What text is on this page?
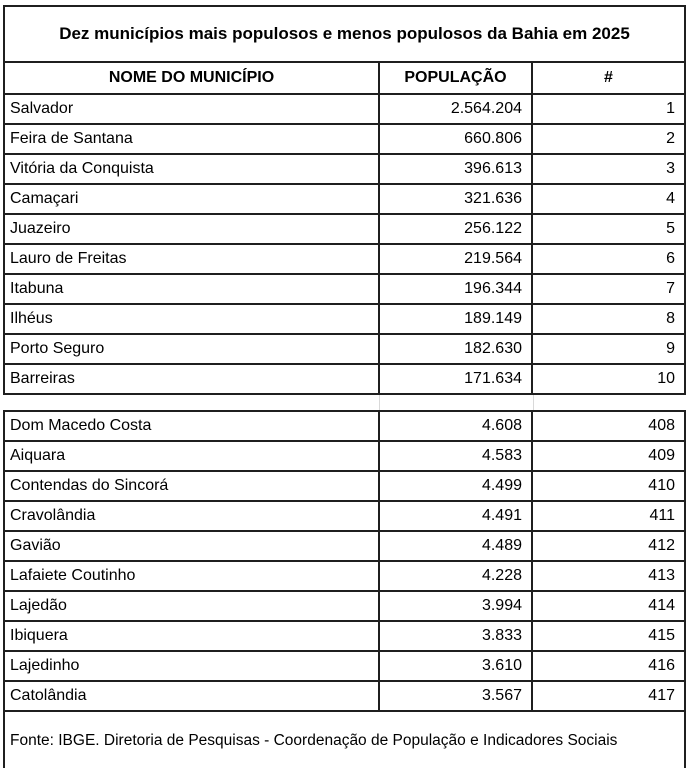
Dez municípios mais populosos e menos populosos da Bahia em 2025		
NOME DO MUNICÍPIO	POPULAÇÃO	#
Salvador	2.564.204	1
Feira de Santana	660.806	2
Vitória da Conquista	396.613	3
Camaçari	321.636	4
Juazeiro	256.122	5
Lauro de Freitas	219.564	6
Itabuna	196.344	7
Ilhéus	189.149	8
Porto Seguro	182.630	9
Barreiras	171.634	10
Dom Macedo Costa	4.608	408
Aiquara	4.583	409
Contendas do Sincorá	4.499	410
Cravolândia	4.491	411
Gavião	4.489	412
Lafaiete Coutinho	4.228	413
Lajedão	3.994	414
Ibiquera	3.833	415
Lajedinho	3.610	416
Catolândia	3.567	417
Fonte: IBGE. Diretoria de Pesquisas - Coordenação de População e Indicadores Sociais		
